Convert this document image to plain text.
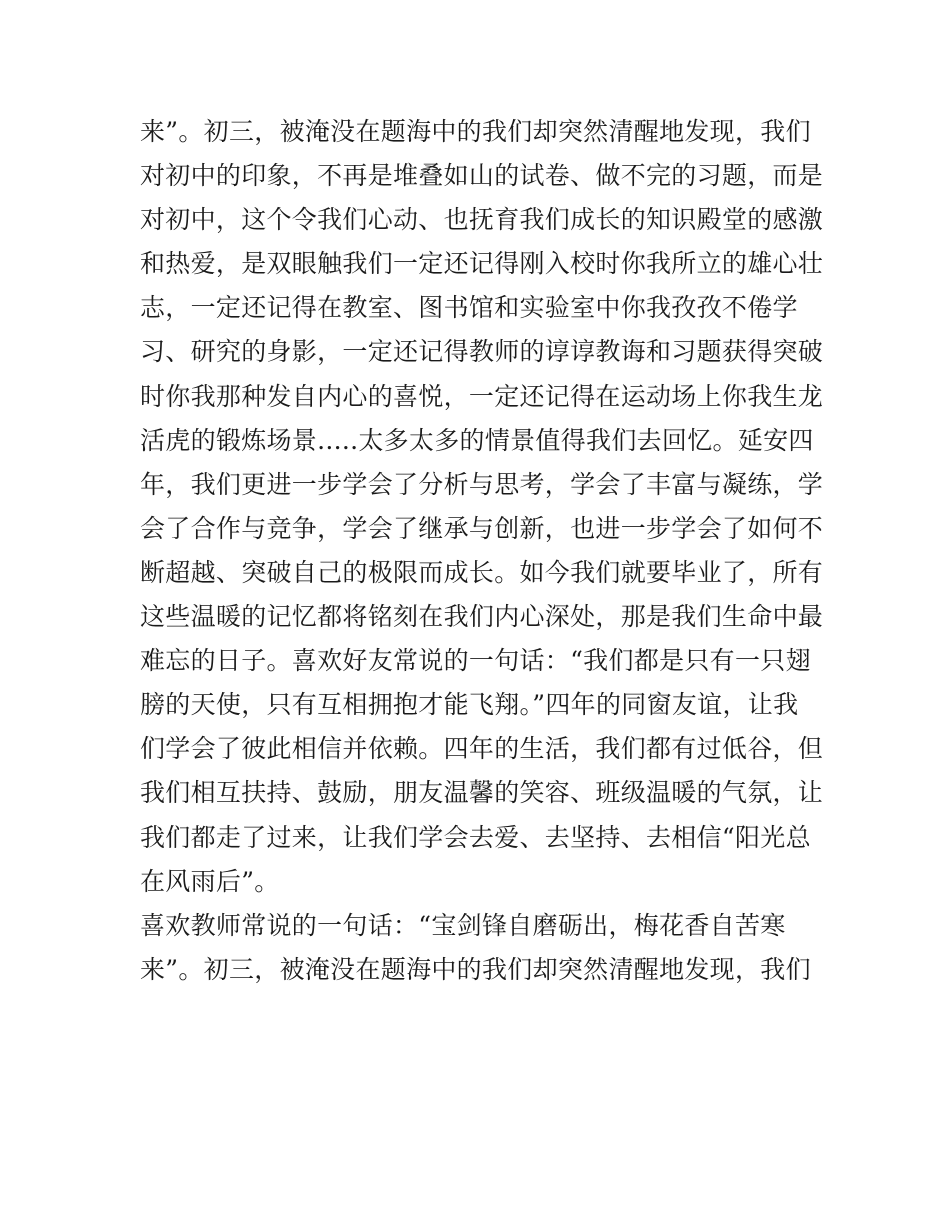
来”。初三，被淹没在题海中的我们却突然清醒地发现，我们
对初中的印象，不再是堆叠如山的试卷、做不完的习题，而是
对初中，这个令我们心动、也抚育我们成长的知识殿堂的感激
和热爱，是双眼触我们一定还记得刚入校时你我所立的雄心壮
志，一定还记得在教室、图书馆和实验室中你我孜孜不倦学
习、研究的身影，一定还记得教师的谆谆教诲和习题获得突破
时你我那种发自内心的喜悦，一定还记得在运动场上你我生龙
活虎的锻炼场景.....太多太多的情景值得我们去回忆。延安四
年，我们更进一步学会了分析与思考，学会了丰富与凝练，学
会了合作与竞争，学会了继承与创新，也进一步学会了如何不
断超越、突破自己的极限而成长。如今我们就要毕业了，所有
这些温暖的记忆都将铭刻在我们内心深处，那是我们生命中最
难忘的日子。喜欢好友常说的一句话：“我们都是只有一只翅
膀的天使，只有互相拥抱才能飞翔。”四年的同窗友谊，让我
们学会了彼此相信并依赖。四年的生活，我们都有过低谷，但
我们相互扶持、鼓励，朋友温馨的笑容、班级温暖的气氛，让
我们都走了过来，让我们学会去爱、去坚持、去相信“阳光总
在风雨后”。
喜欢教师常说的一句话：“宝剑锋自磨砺出，梅花香自苦寒
来”。初三，被淹没在题海中的我们却突然清醒地发现，我们
